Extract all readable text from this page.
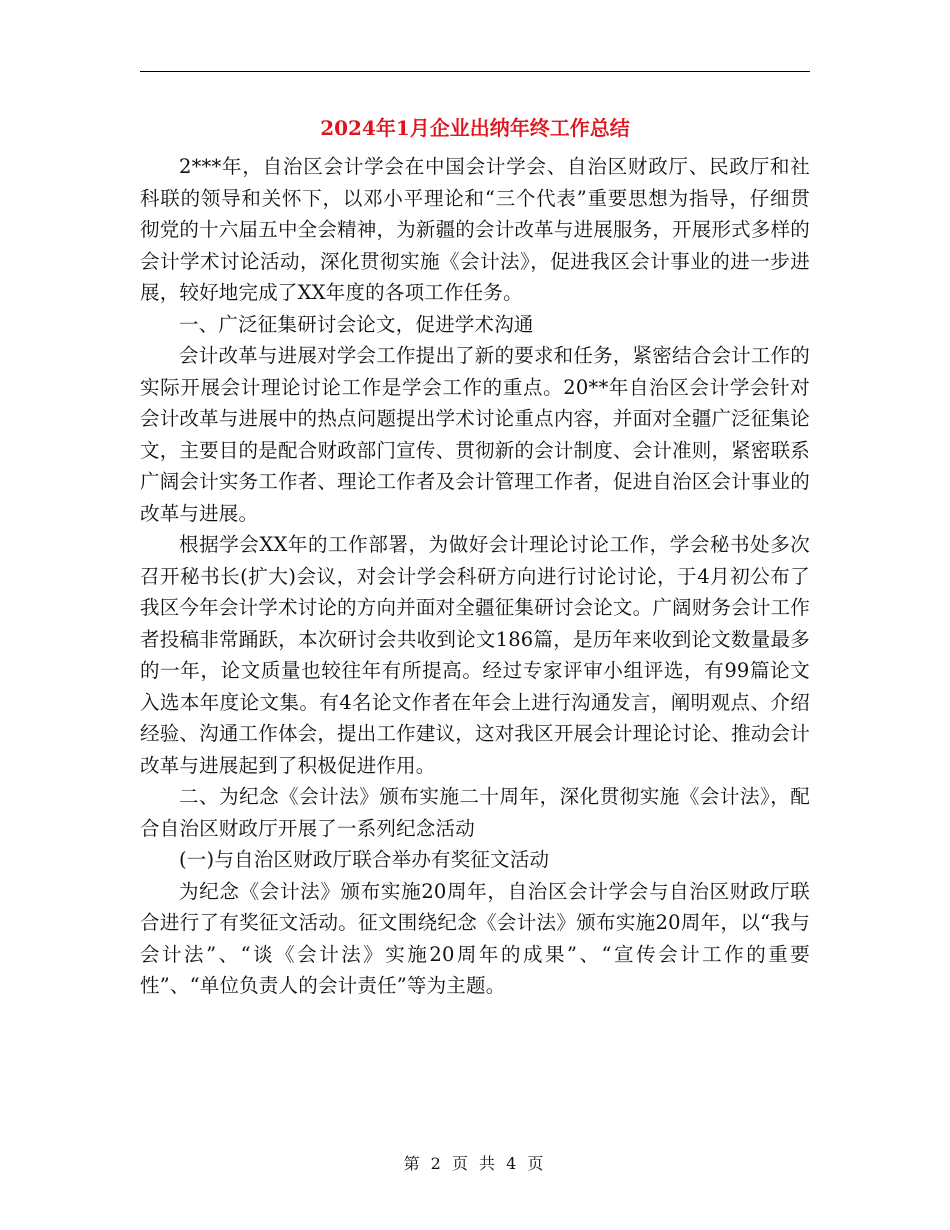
2024年1月企业出纳年终工作总结

2***年，自治区会计学会在中国会计学会、自治区财政厅、民政厅和社科联的领导和关怀下，以邓小平理论和“三个代表”重要思想为指导，仔细贯彻党的十六届五中全会精神，为新疆的会计改革与进展服务，开展形式多样的会计学术讨论活动，深化贯彻实施《会计法》，促进我区会计事业的进一步进展，较好地完成了XX年度的各项工作任务。

一、广泛征集研讨会论文，促进学术沟通

会计改革与进展对学会工作提出了新的要求和任务，紧密结合会计工作的实际开展会计理论讨论工作是学会工作的重点。20**年自治区会计学会针对会计改革与进展中的热点问题提出学术讨论重点内容，并面对全疆广泛征集论文，主要目的是配合财政部门宣传、贯彻新的会计制度、会计准则，紧密联系广阔会计实务工作者、理论工作者及会计管理工作者，促进自治区会计事业的改革与进展。

根据学会XX年的工作部署，为做好会计理论讨论工作，学会秘书处多次召开秘书长(扩大)会议，对会计学会科研方向进行讨论讨论，于4月初公布了我区今年会计学术讨论的方向并面对全疆征集研讨会论文。广阔财务会计工作者投稿非常踊跃，本次研讨会共收到论文186篇，是历年来收到论文数量最多的一年，论文质量也较往年有所提高。经过专家评审小组评选，有99篇论文入选本年度论文集。有4名论文作者在年会上进行沟通发言，阐明观点、介绍经验、沟通工作体会，提出工作建议，这对我区开展会计理论讨论、推动会计改革与进展起到了积极促进作用。

二、为纪念《会计法》颁布实施二十周年，深化贯彻实施《会计法》，配合自治区财政厅开展了一系列纪念活动

(一)与自治区财政厅联合举办有奖征文活动

为纪念《会计法》颁布实施20周年，自治区会计学会与自治区财政厅联合进行了有奖征文活动。征文围绕纪念《会计法》颁布实施20周年，以“我与会计法”、“谈《会计法》实施20周年的成果”、“宣传会计工作的重要性”、“单位负责人的会计责任”等为主题。

第 2 页 共 4 页
